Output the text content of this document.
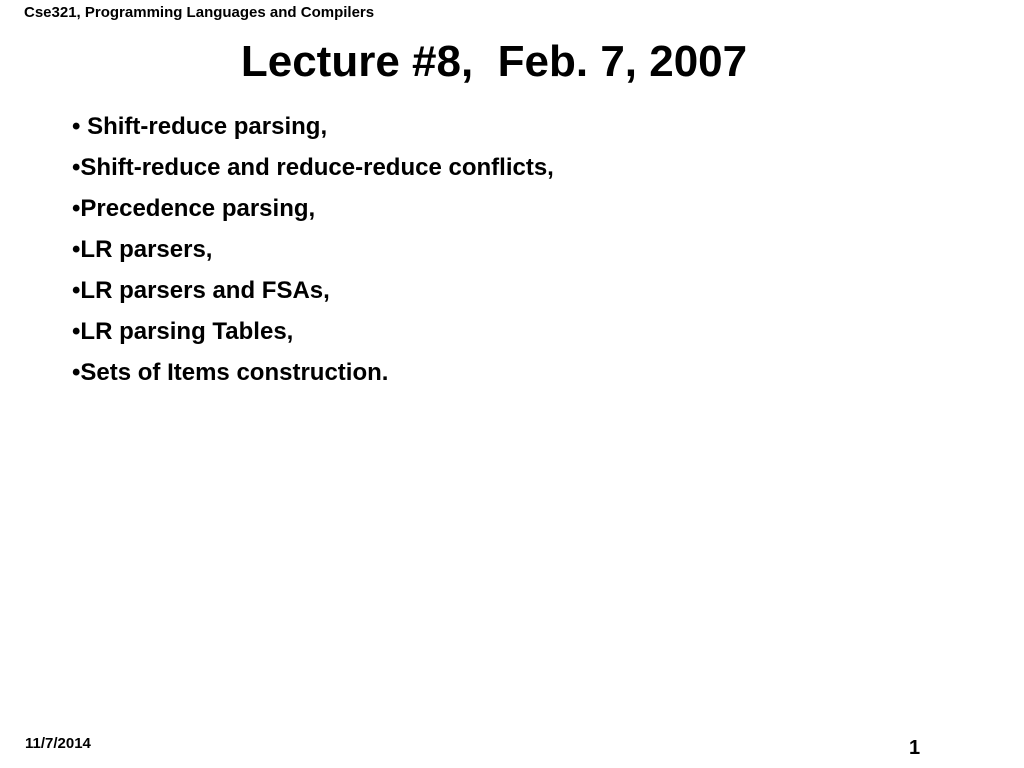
Cse321, Programming Languages and Compilers
Lecture #8,  Feb. 7, 2007
• Shift-reduce parsing,
•Shift-reduce and reduce-reduce conflicts,
•Precedence parsing,
•LR parsers,
•LR parsers and FSAs,
•LR parsing Tables,
•Sets of Items construction.
11/7/2014	1
